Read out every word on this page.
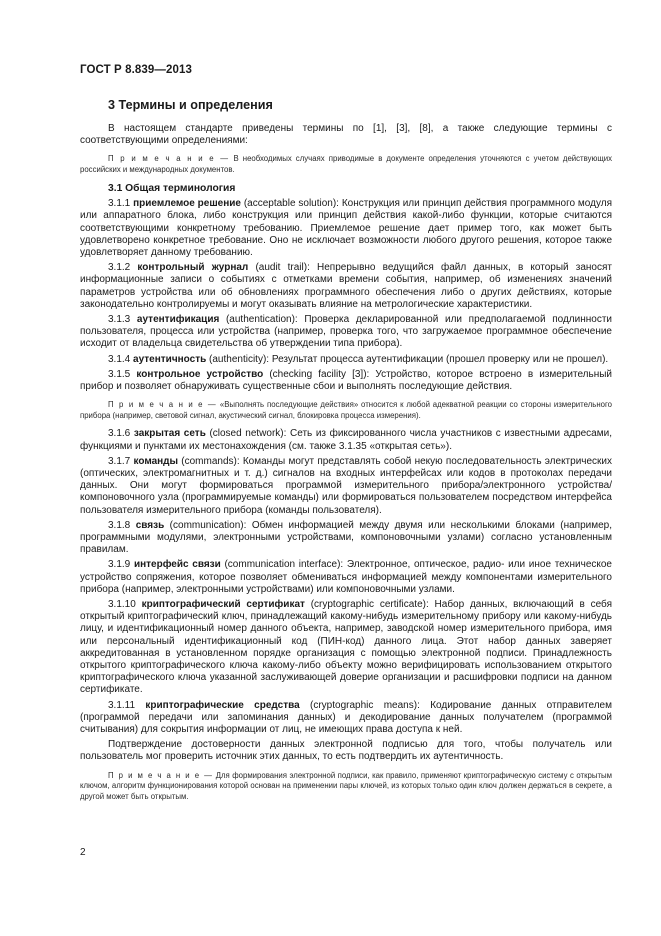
ГОСТ Р 8.839—2013
3 Термины и определения

В настоящем стандарте приведены термины по [1], [3], [8], а также следующие термины с соответствующими определениями:

П р и м е ч а н и е — В необходимых случаях приводимые в документе определения уточняются с учетом действующих российских и международных документов.

3.1 Общая терминология

3.1.1 приемлемое решение (acceptable solution): Конструкция или принцип действия программного модуля или аппаратного блока, либо конструкция или принцип действия какой-либо функции, которые считаются соответствующими конкретному требованию. Приемлемое решение дает пример того, как может быть удовлетворено конкретное требование. Оно не исключает возможности любого другого решения, которое также удовлетворяет данному требованию.

3.1.2 контрольный журнал (audit trail): Непрерывно ведущийся файл данных, в который заносят информационные записи о событиях с отметками времени события, например, об изменениях значений параметров устройства или об обновлениях программного обеспечения либо о других действиях, которые законодательно контролируемы и могут оказывать влияние на метрологические характеристики.

3.1.3 аутентификация (authentication): Проверка декларированной или предполагаемой подлинности пользователя, процесса или устройства (например, проверка того, что загружаемое программное обеспечение исходит от владельца свидетельства об утверждении типа прибора).

3.1.4 аутентичность (authenticity): Результат процесса аутентификации (прошел проверку или не прошел).

3.1.5 контрольное устройство (checking facility [3]): Устройство, которое встроено в измерительный прибор и позволяет обнаруживать существенные сбои и выполнять последующие действия.

П р и м е ч а н и е — «Выполнять последующие действия» относится к любой адекватной реакции со стороны измерительного прибора (например, световой сигнал, акустический сигнал, блокировка процесса измерения).

3.1.6 закрытая сеть (closed network): Сеть из фиксированного числа участников с известными адресами, функциями и пунктами их местонахождения (см. также 3.1.35 «открытая сеть»).

3.1.7 команды (commands): Команды могут представлять собой некую последовательность электрических (оптических, электромагнитных и т. д.) сигналов на входных интерфейсах или кодов в протоколах передачи данных. Они могут формироваться программой измерительного прибора/электронного устройства/компоновочного узла (программируемые команды) или формироваться пользователем посредством интерфейса пользователя измерительного прибора (команды пользователя).

3.1.8 связь (communication): Обмен информацией между двумя или несколькими блоками (например, программными модулями, электронными устройствами, компоновочными узлами) согласно установленным правилам.

3.1.9 интерфейс связи (communication interface): Электронное, оптическое, радио- или иное техническое устройство сопряжения, которое позволяет обмениваться информацией между компонентами измерительного прибора (например, электронными устройствами) или компоновочными узлами.

3.1.10 криптографический сертификат (cryptographic certificate): Набор данных, включающий в себя открытый криптографический ключ, принадлежащий какому-нибудь измерительному прибору или какому-нибудь лицу, и идентификационный номер данного объекта, например, заводской номер измерительного прибора, имя или персональный идентификационный код (ПИН-код) данного лица. Этот набор данных заверяет аккредитованная в установленном порядке организация с помощью электронной подписи. Принадлежность открытого криптографического ключа какому-либо объекту можно верифицировать использованием открытого криптографического ключа указанной заслуживающей доверие организации и расшифровки подписи на данном сертификате.

3.1.11 криптографические средства (cryptographic means): Кодирование данных отправителем (программой передачи или запоминания данных) и декодирование данных получателем (программой считывания) для сокрытия информации от лиц, не имеющих права доступа к ней.

Подтверждение достоверности данных электронной подписью для того, чтобы получатель или пользователь мог проверить источник этих данных, то есть подтвердить их аутентичность.

П р и м е ч а н и е — Для формирования электронной подписи, как правило, применяют криптографическую систему с открытым ключом, алгоритм функционирования которой основан на применении пары ключей, из которых только один ключ должен держаться в секрете, а другой может быть открытым.

2
